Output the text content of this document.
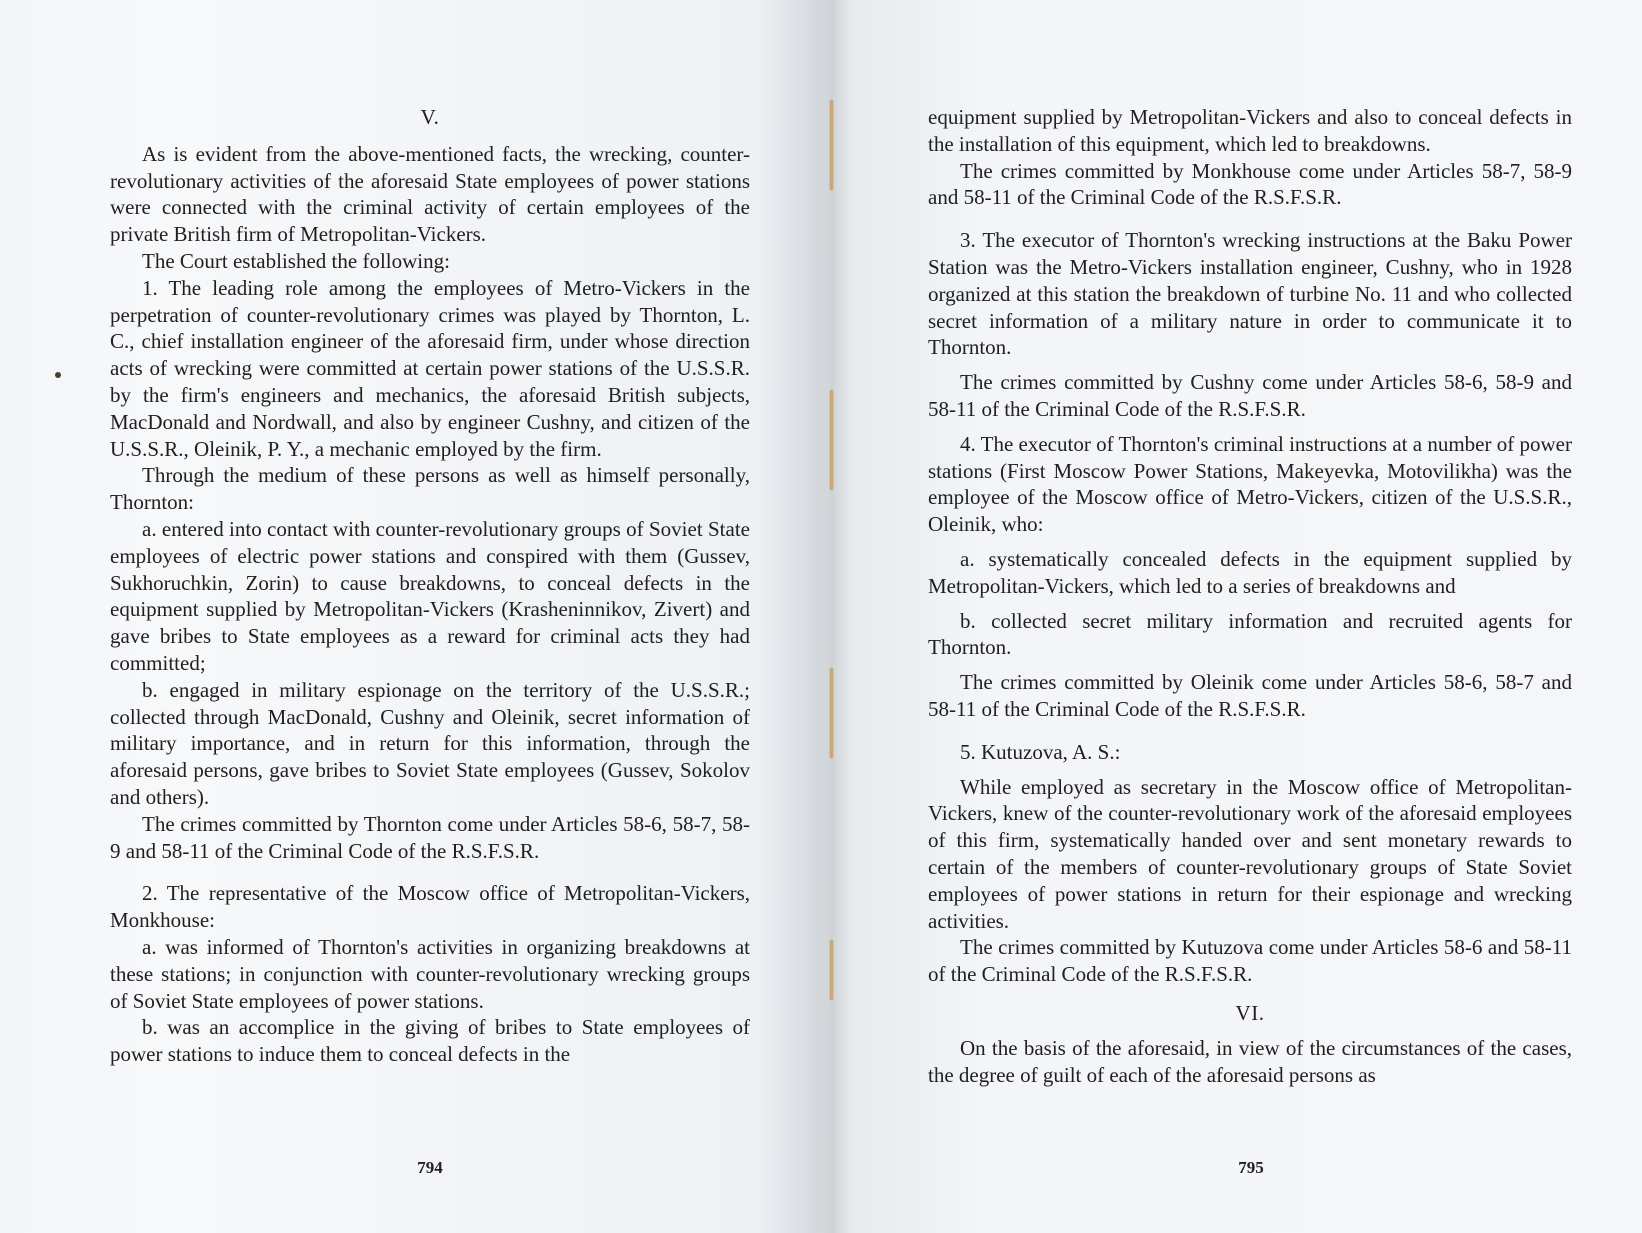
V.

As is evident from the above-mentioned facts, the wrecking, counter-revolutionary activities of the aforesaid State employees of power stations were connected with the criminal activity of certain employees of the private British firm of Metropolitan-Vickers.

The Court established the following:

1. The leading role among the employees of Metro-Vickers in the perpetration of counter-revolutionary crimes was played by Thornton, L. C., chief installation engineer of the aforesaid firm, under whose direction acts of wrecking were committed at certain power stations of the U.S.S.R. by the firm's engineers and mechanics, the aforesaid British subjects, MacDonald and Nordwall, and also by engineer Cushny, and citizen of the U.S.S.R., Oleinik, P. Y., a mechanic employed by the firm.

Through the medium of these persons as well as himself personally, Thornton:

a. entered into contact with counter-revolutionary groups of Soviet State employees of electric power stations and conspired with them (Gussev, Sukhoruchkin, Zorin) to cause breakdowns, to conceal defects in the equipment supplied by Metropolitan-Vickers (Krasheninnikov, Zivert) and gave bribes to State employees as a reward for criminal acts they had committed;

b. engaged in military espionage on the territory of the U.S.S.R.; collected through MacDonald, Cushny and Oleinik, secret information of military importance, and in return for this information, through the aforesaid persons, gave bribes to Soviet State employees (Gussev, Sokolov and others).

The crimes committed by Thornton come under Articles 58-6, 58-7, 58-9 and 58-11 of the Criminal Code of the R.S.F.S.R.

2. The representative of the Moscow office of Metropolitan-Vickers, Monkhouse:

a. was informed of Thornton's activities in organizing breakdowns at these stations; in conjunction with counter-revolutionary wrecking groups of Soviet State employees of power stations.

b. was an accomplice in the giving of bribes to State employees of power stations to induce them to conceal defects in the

794

equipment supplied by Metropolitan-Vickers and also to conceal defects in the installation of this equipment, which led to breakdowns.

The crimes committed by Monkhouse come under Articles 58-7, 58-9 and 58-11 of the Criminal Code of the R.S.F.S.R.

3. The executor of Thornton's wrecking instructions at the Baku Power Station was the Metro-Vickers installation engineer, Cushny, who in 1928 organized at this station the breakdown of turbine No. 11 and who collected secret information of a military nature in order to communicate it to Thornton.

The crimes committed by Cushny come under Articles 58-6, 58-9 and 58-11 of the Criminal Code of the R.S.F.S.R.

4. The executor of Thornton's criminal instructions at a number of power stations (First Moscow Power Stations, Makeyevka, Motovilikha) was the employee of the Moscow office of Metro-Vickers, citizen of the U.S.S.R., Oleinik, who:

a. systematically concealed defects in the equipment supplied by Metropolitan-Vickers, which led to a series of breakdowns and

b. collected secret military information and recruited agents for Thornton.

The crimes committed by Oleinik come under Articles 58-6, 58-7 and 58-11 of the Criminal Code of the R.S.F.S.R.

5. Kutuzova, A. S.:

While employed as secretary in the Moscow office of Metropolitan-Vickers, knew of the counter-revolutionary work of the aforesaid employees of this firm, systematically handed over and sent monetary rewards to certain of the members of counter-revolutionary groups of State Soviet employees of power stations in return for their espionage and wrecking activities.

The crimes committed by Kutuzova come under Articles 58-6 and 58-11 of the Criminal Code of the R.S.F.S.R.

VI.

On the basis of the aforesaid, in view of the circumstances of the cases, the degree of guilt of each of the aforesaid persons as

795
